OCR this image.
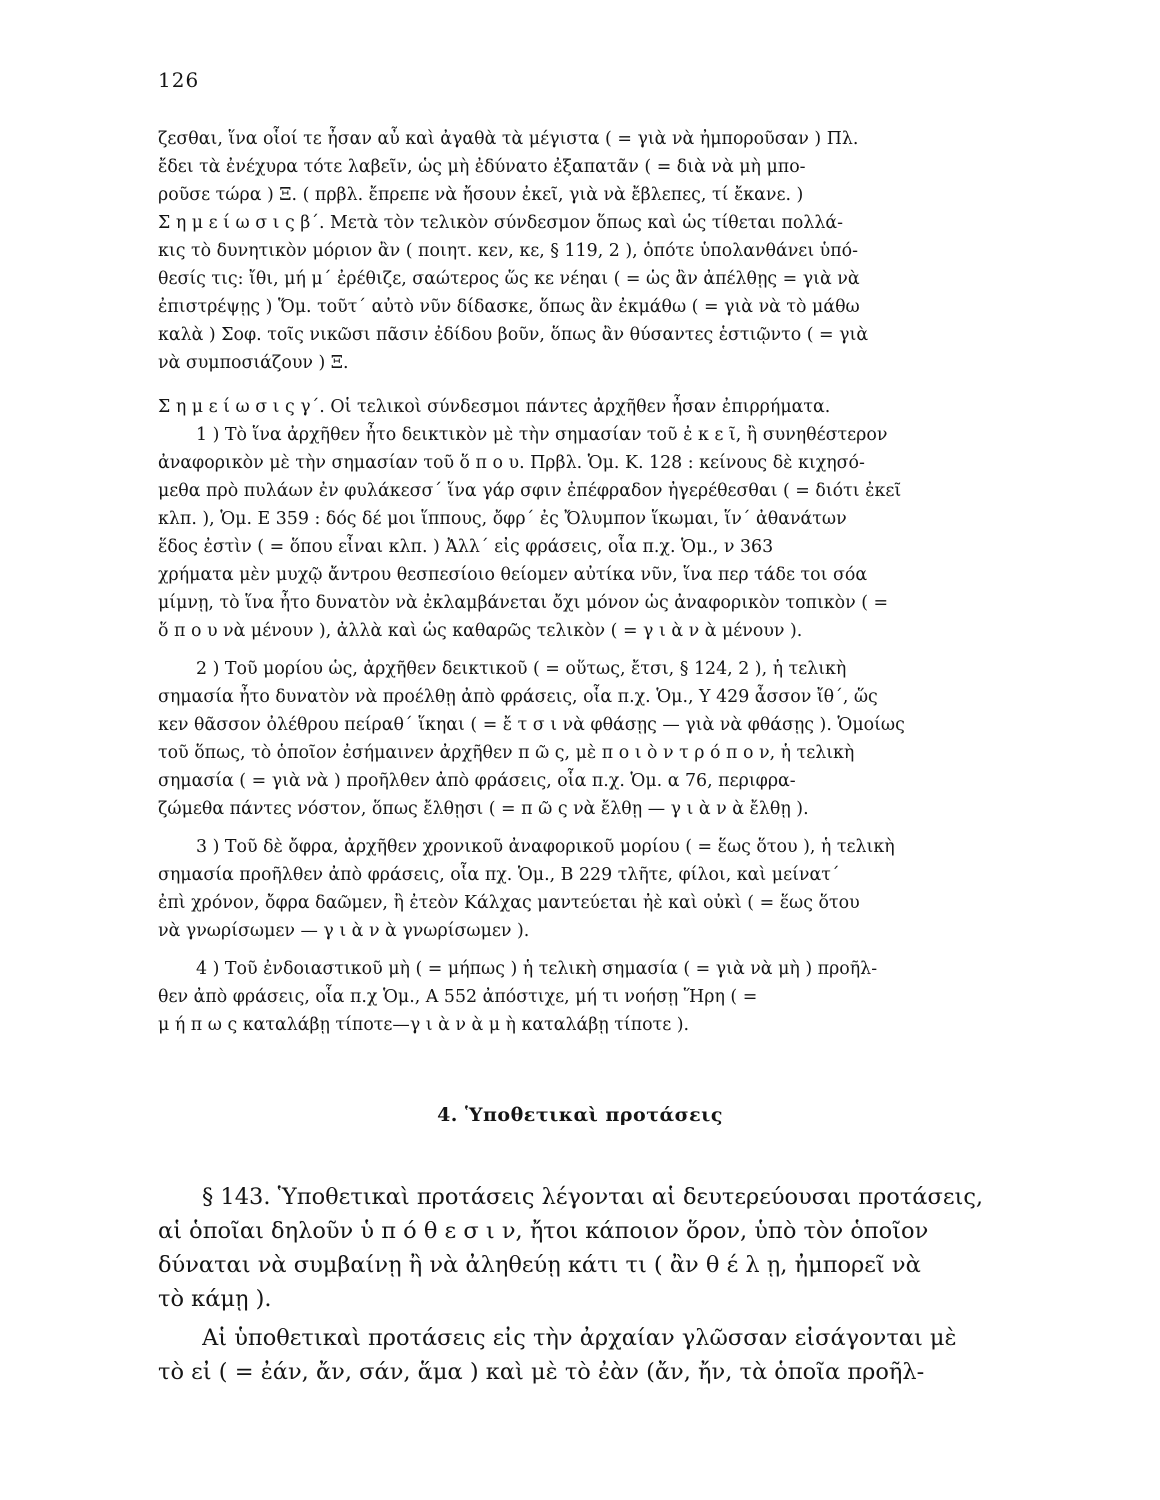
126
ζεσθαι, ἵνα οἷοί τε ἦσαν αὖ καὶ ἀγαθὰ τὰ μέγιστα ( = γιὰ νὰ ἠμποροῦσαν ) Πλ.
ἔδει τὰ ἐνέχυρα τότε λαβεῖν, ὡς μὴ ἐδύνατο ἐξαπατᾶν ( = διὰ νὰ μὴ μπο-
ροῦσε τώρα ) Ξ. ( πρβλ. ἔπρεπε νὰ ἤσουν ἐκεῖ, γιὰ νὰ ἔβλεπες, τί ἔκανε. )
Σ η μ ε ί ω σ ι ς β΄. Μετὰ τὸν τελικὸν σύνδεσμον ὅπως καὶ ὡς τίθεται πολλά-
κις τὸ δυνητικὸν μόριον ἂν ( ποιητ. κεν, κε, § 119, 2 ), ὁπότε ὑπολανθάνει ὑπό-
θεσίς τις: ἴθι, μή μ΄ ἐρέθιζε, σαώτερος ὥς κε νέηαι ( = ὡς ἂν ἀπέλθῃς = γιὰ νὰ
ἐπιστρέψῃς ) Ὅμ. τοῦτ΄ αὐτὸ νῦν δίδασκε, ὅπως ἂν ἐκμάθω ( = γιὰ νὰ τὸ μάθω
καλὰ ) Σοφ. τοῖς νικῶσι πᾶσιν ἐδίδου βοῦν, ὅπως ἂν θύσαντες ἑστιῷντο ( = γιὰ
νὰ συμποσιάζουν ) Ξ.
Σ η μ ε ί ω σ ι ς γ΄. Οἱ τελικοὶ σύνδεσμοι πάντες ἀρχῆθεν ἦσαν ἐπιρρήματα.
1 ) Τὸ ἵνα ἀρχῆθεν ἦτο δεικτικὸν μὲ τὴν σημασίαν τοῦ ἐ κ ε ῖ, ἢ συνηθέστερον
ἀναφορικὸν μὲ τὴν σημασίαν τοῦ ὅ π ο υ. Πρβλ. Ὁμ. Κ. 128 : κείνους δὲ κιχησό-
μεθα πρὸ πυλάων ἐν φυλάκεσσ΄ ἵνα γάρ σφιν ἐπέφραδον ἠγερέθεσθαι ( = διότι ἐκεῖ
κλπ. ), Ὁμ. Ε 359 : δός δέ μοι ἵππους, ὄφρ΄ ἐς Ὄλυμπον ἵκωμαι, ἵν΄ ἀθανάτων
ἕδος ἐστὶν ( = ὅπου εἶναι κλπ. ) Ἀλλ΄ εἰς φράσεις, οἷα π.χ. Ὁμ., ν 363
χρήματα μὲν μυχῷ ἄντρου θεσπεσίοιο θείομεν αὐτίκα νῦν, ἵνα περ τάδε τοι σόα
μίμνῃ, τὸ ἵνα ἦτο δυνατὸν νὰ ἐκλαμβάνεται ὄχι μόνον ὡς ἀναφορικὸν τοπικὸν ( =
ὅ π ο υ νὰ μένουν ), ἀλλὰ καὶ ὡς καθαρῶς τελικὸν ( = γ ι ὰ ν ὰ μένουν ).
2 ) Τοῦ μορίου ὡς, ἀρχῆθεν δεικτικοῦ ( = οὕτως, ἔτσι, § 124, 2 ), ἡ τελικὴ
σημασία ἦτο δυνατὸν νὰ προέλθῃ ἀπὸ φράσεις, οἷα π.χ. Ὁμ., Υ 429 ἆσσον ἴθ΄, ὥς
κεν θᾶσσον ὀλέθρου πείραθ΄ ἵκηαι ( = ἔ τ σ ι νὰ φθάσῃς — γιὰ νὰ φθάσῃς ). Ὁμοίως
τοῦ ὅπως, τὸ ὁποῖον ἐσήμαινεν ἀρχῆθεν π ῶ ς, μὲ π ο ι ὸ ν τ ρ ό π ο ν, ἡ τελικὴ
σημασία ( = γιὰ νὰ ) προῆλθεν ἀπὸ φράσεις, οἷα π.χ. Ὁμ. α 76, περιφρα-
ζώμεθα πάντες νόστον, ὅπως ἔλθῃσι ( = π ῶ ς νὰ ἔλθῃ — γ ι ὰ ν ὰ ἔλθῃ ).
3 ) Τοῦ δὲ ὄφρα, ἀρχῆθεν χρονικοῦ ἀναφορικοῦ μορίου ( = ἕως ὅτου ), ἡ τελικὴ
σημασία προῆλθεν ἀπὸ φράσεις, οἷα πχ. Ὁμ., Β 229 τλῆτε, φίλοι, καὶ μείνατ΄
ἐπὶ χρόνον, ὄφρα δαῶμεν, ἢ ἐτεὸν Κάλχας μαντεύεται ἠὲ καὶ οὐκὶ ( = ἕως ὅτου
νὰ γνωρίσωμεν — γ ι ὰ ν ὰ γνωρίσωμεν ).
4 ) Τοῦ ἐνδοιαστικοῦ μὴ ( = μήπως ) ἡ τελικὴ σημασία ( = γιὰ νὰ μὴ ) προῆλ-
θεν ἀπὸ φράσεις, οἷα π.χ Ὁμ., Α 552 ἀπόστιχε, μή τι νοήσῃ Ἥρη ( =
μ ή π ω ς καταλάβῃ τίποτε—γ ι ὰ ν ὰ μ ὴ καταλάβῃ τίποτε ).
4. Ὑποθετικαὶ προτάσεις
§ 143. Ὑποθετικαὶ προτάσεις λέγονται αἱ δευτερεύουσαι προτάσεις,
αἱ ὁποῖαι δηλοῦν ὑ π ό θ ε σ ι ν, ἤτοι κάποιον ὅρον, ὑπὸ τὸν ὁποῖον
δύναται νὰ συμβαίνῃ ἢ νὰ ἀληθεύῃ κάτι τι ( ἂν θ έ λ ῃ, ἠμπορεῖ νὰ
τὸ κάμῃ ).
Αἱ ὑποθετικαὶ προτάσεις εἰς τὴν ἀρχαίαν γλῶσσαν εἰσάγονται μὲ
τὸ εἰ ( = ἐάν, ἄν, σάν, ἅμα ) καὶ μὲ τὸ ἐὰν (ἄν, ἤν, τὰ ὁποῖα προῆλ-
